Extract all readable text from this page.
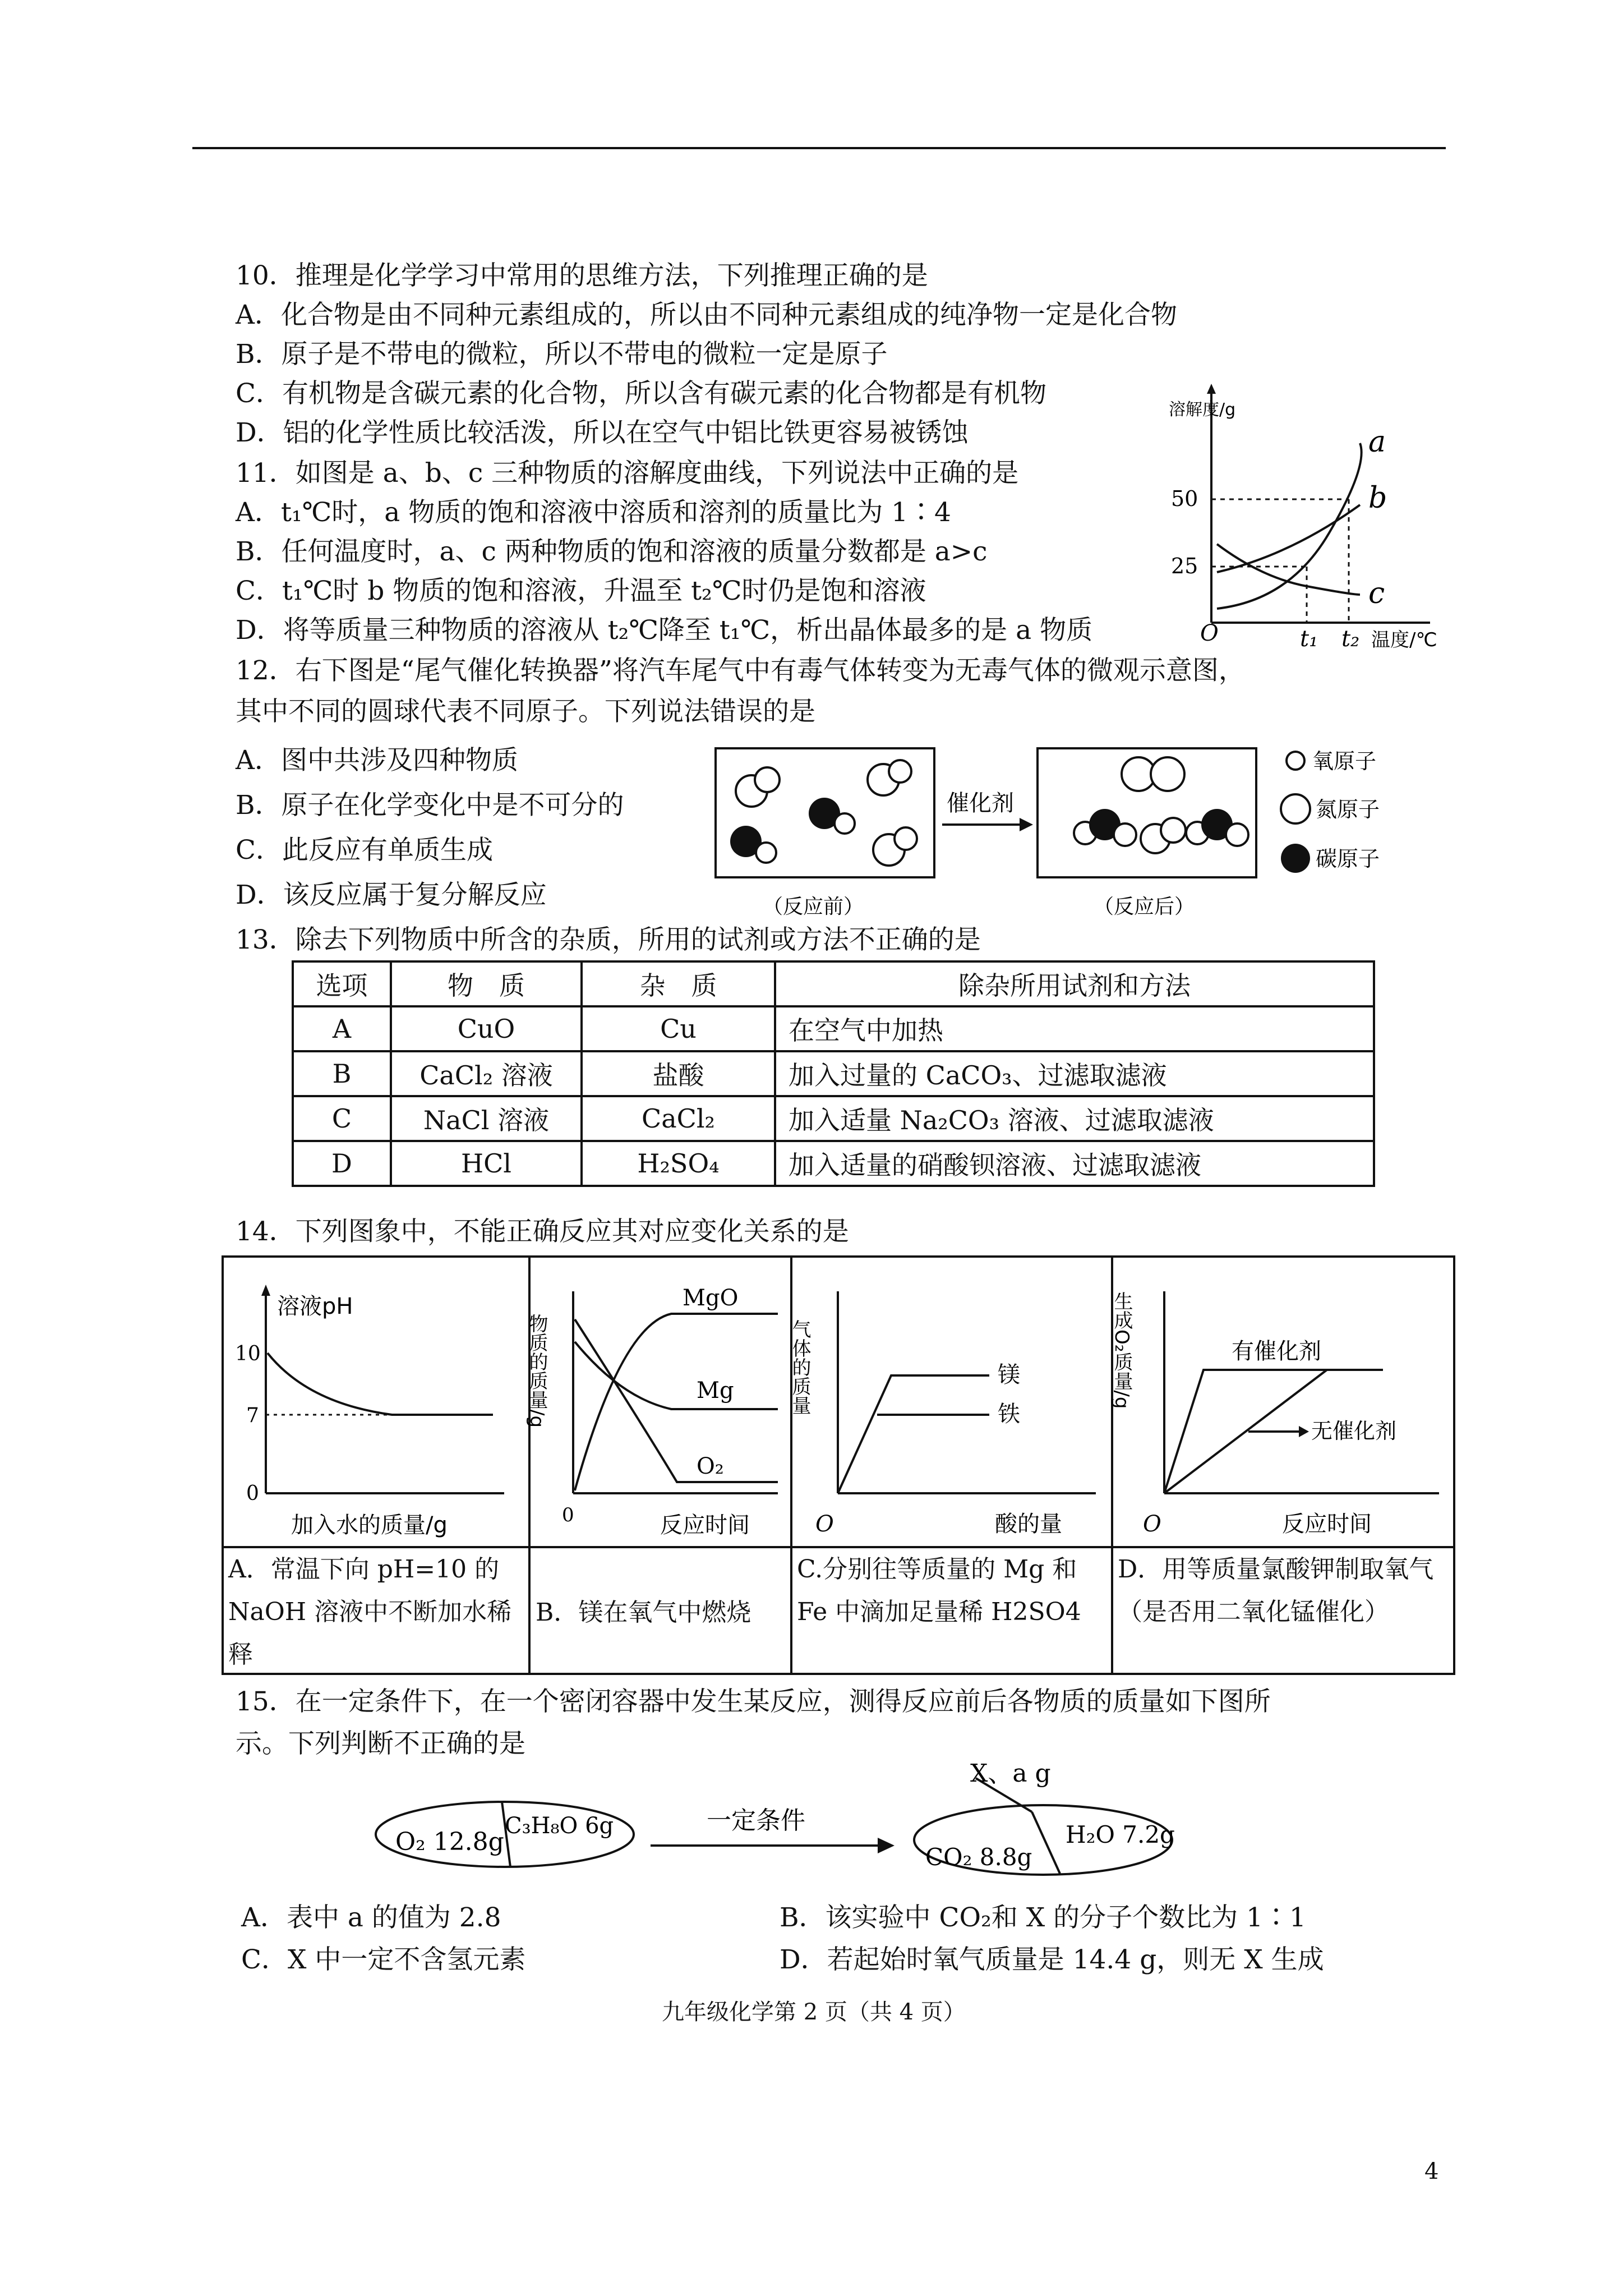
10．推理是化学学习中常用的思维方法，下列推理正确的是
A．化合物是由不同种元素组成的，所以由不同种元素组成的纯净物一定是化合物
B．原子是不带电的微粒，所以不带电的微粒一定是原子
C．有机物是含碳元素的化合物，所以含有碳元素的化合物都是有机物
D．铝的化学性质比较活泼，所以在空气中铝比铁更容易被锈蚀
11．如图是 a、b、c 三种物质的溶解度曲线，下列说法中正确的是
A．t₁℃时，a 物质的饱和溶液中溶质和溶剂的质量比为 1∶4
B．任何温度时，a、c 两种物质的饱和溶液的质量分数都是 a>c
C．t₁℃时 b 物质的饱和溶液，升温至 t₂℃时仍是饱和溶液
D．将等质量三种物质的溶液从 t₂℃降至 t₁℃，析出晶体最多的是 a 物质
溶解度/g
50
25
O	t₁ t₂ 温度/℃
a
b
c
12．右下图是“尾气催化转换器”将汽车尾气中有毒气体转变为无毒气体的微观示意图，
其中不同的圆球代表不同原子。下列说法错误的是
A．图中共涉及四种物质
B．原子在化学变化中是不可分的
C．此反应有单质生成
D．该反应属于复分解反应
催化剂
（反应前）	（反应后）
氧原子
氮原子
碳原子
13．除去下列物质中所含的杂质，所用的试剂或方法不正确的是
选项	物　质	杂　质	除杂所用试剂和方法
A	CuO	Cu	在空气中加热
B	CaCl₂ 溶液	盐酸	加入过量的 CaCO₃、过滤取滤液
C	NaCl 溶液	CaCl₂	加入适量 Na₂CO₃ 溶液、过滤取滤液
D	HCl	H₂SO₄	加入适量的硝酸钡溶液、过滤取滤液
14．下列图象中，不能正确反应其对应变化关系的是
溶液pH
10
7
0
加入水的质量/g
物质的质量/g
MgO
Mg
O₂
0	反应时间
气体的质量	镁
铁
O	酸的量
生成O₂质量/g	有催化剂
无催化剂
O	反应时间
A．常温下向 pH=10 的 NaOH 溶液中不断加水稀释
B．镁在氧气中燃烧
C.分别往等质量的 Mg 和 Fe 中滴加足量稀 H2SO4
D．用等质量氯酸钾制取氧气（是否用二氧化锰催化）
15．在一定条件下，在一个密闭容器中发生某反应，测得反应前后各物质的质量如下图所
示。下列判断不正确的是
O₂ 12.8g
C₃H₈O 6g	一定条件
X、a g
CO₂ 8.8g
H₂O 7.2g
A．表中 a 的值为 2.8	B．该实验中 CO₂和 X 的分子个数比为 1∶1
C．X 中一定不含氢元素	D．若起始时氧气质量是 14.4 g，则无 X 生成
九年级化学第 2 页（共 4 页）
4
